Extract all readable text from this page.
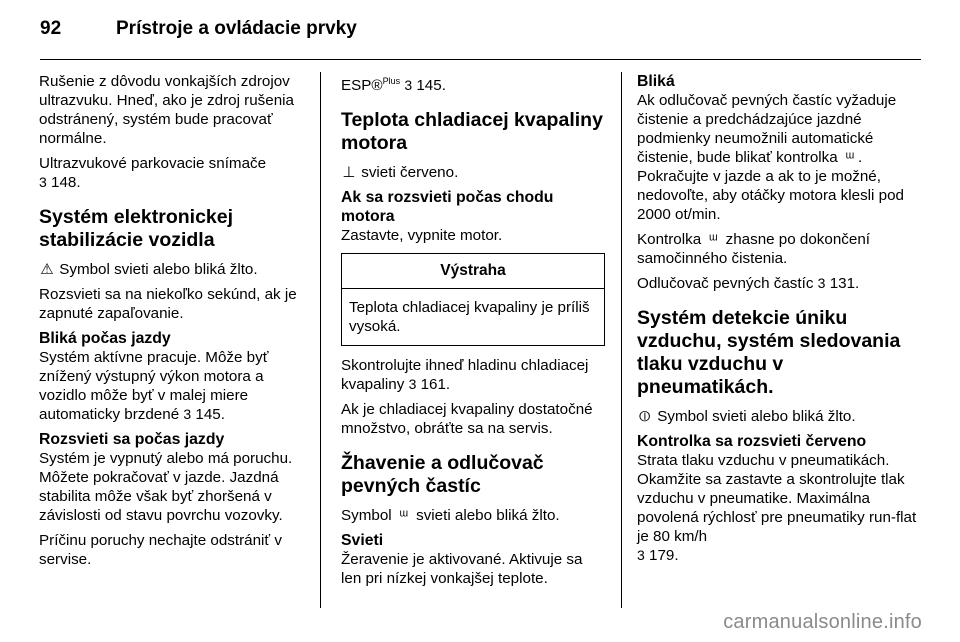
92	Prístroje a ovládacie prvky

Rušenie z dôvodu vonkajších zdrojov ultrazvuku. Hneď, ako je zdroj rušenia odstránený, systém bude pracovať normálne.

Ultrazvukové parkovacie snímače
3 148.

Systém elektronickej stabilizácie vozidla

⚠ Symbol svieti alebo bliká žlto.

Rozsvieti sa na niekoľko sekúnd, ak je zapnuté zapaľovanie.

Bliká počas jazdy

Systém aktívne pracuje. Môže byť znížený výstupný výkon motora a vozidlo môže byť v malej miere automaticky brzdené 3 145.

Rozsvieti sa počas jazdy

Systém je vypnutý alebo má poruchu. Môžete pokračovať v jazde. Jazdná stabilita môže však byť zhoršená v závislosti od stavu povrchu vozovky.

Príčinu poruchy nechajte odstrániť v servise.

ESP®$^{Plus}$ 3 145.

Teplota chladiacej kvapaliny motora

⊥ svieti červeno.

Ak sa rozsvieti počas chodu motora

Zastavte, vypnite motor.

Výstraha
Teplota chladiacej kvapaliny je príliš vysoká.

Skontrolujte ihneď hladinu chladiacej kvapaliny 3 161.

Ak je chladiacej kvapaliny dostatočné množstvo, obráťte sa na servis.

Žhavenie a odlučovač pevných častíc

Symbol ᵚ svieti alebo bliká žlto.

Svieti

Žeravenie je aktivované. Aktivuje sa len pri nízkej vonkajšej teplote.

Bliká

Ak odlučovač pevných častíc vyžaduje čistenie a predchádzajúce jazdné podmienky neumožnili automatické čistenie, bude blikať kontrolka ᵚ . Pokračujte v jazde a ak to je možné, nedovoľte, aby otáčky motora klesli pod 2000 ot/min.

Kontrolka ᵚ zhasne po dokončení samočinného čistenia.

Odlučovač pevných častíc 3 131.

Systém detekcie úniku vzduchu, systém sledovania tlaku vzduchu v pneumatikách.

⦶ Symbol svieti alebo bliká žlto.

Kontrolka sa rozsvieti červeno

Strata tlaku vzduchu v pneumatikách. Okamžite sa zastavte a skontrolujte tlak vzduchu v pneumatike. Maximálna povolená rýchlosť pre pneumatiky run-flat je 80 km/h
3 179.

carmanualsonline.info
